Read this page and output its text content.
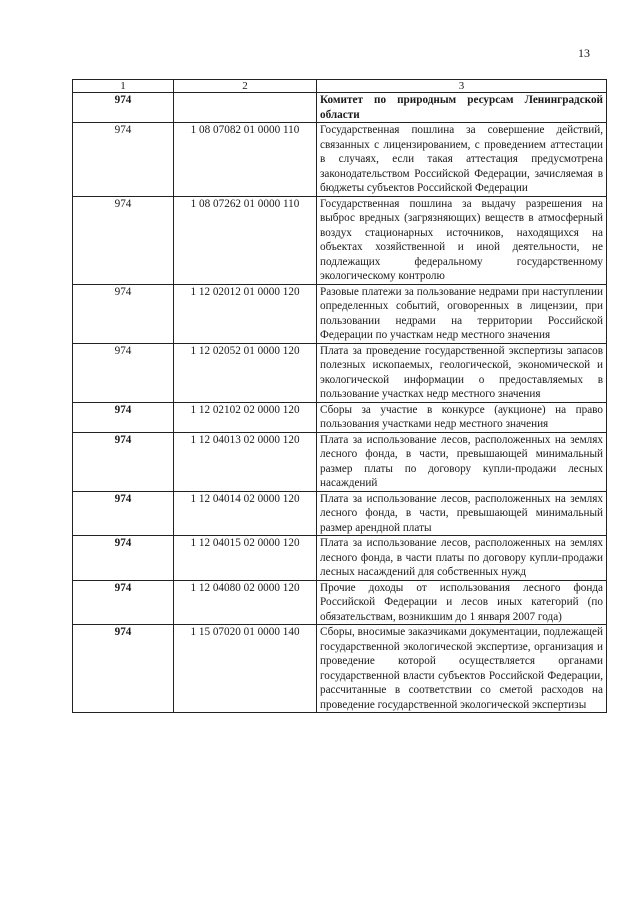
13
1	2	3
974		Комитет по природным ресурсам Ленинградской области
974	1 08 07082 01 0000 110	Государственная пошлина за совершение действий, связанных с лицензированием, с проведением аттестации в случаях, если такая аттестация предусмотрена законодательством Российской Федерации, зачисляемая в бюджеты субъектов Российской Федерации
974	1 08 07262 01 0000 110	Государственная пошлина за выдачу разрешения на выброс вредных (загрязняющих) веществ в атмосферный воздух стационарных источников, находящихся на объектах хозяйственной и иной деятельности, не подлежащих федеральному государственному экологическому контролю
974	1 12 02012 01 0000 120	Разовые платежи за пользование недрами при наступлении определенных событий, оговоренных в лицензии, при пользовании недрами на территории Российской Федерации по участкам недр местного значения
974	1 12 02052 01 0000 120	Плата за проведение государственной экспертизы запасов полезных ископаемых, геологической, экономической и экологической информации о предоставляемых в пользование участках недр местного значения
974	1 12 02102 02 0000 120	Сборы за участие в конкурсе (аукционе) на право пользования участками недр местного значения
974	1 12 04013 02 0000 120	Плата за использование лесов, расположенных на землях лесного фонда, в части, превышающей минимальный размер платы по договору купли-продажи лесных насаждений
974	1 12 04014 02 0000 120	Плата за использование лесов, расположенных на землях лесного фонда, в части, превышающей минимальный размер арендной платы
974	1 12 04015 02 0000 120	Плата за использование лесов, расположенных на землях лесного фонда, в части платы по договору купли-продажи лесных насаждений для собственных нужд
974	1 12 04080 02 0000 120	Прочие доходы от использования лесного фонда Российской Федерации и лесов иных категорий (по обязательствам, возникшим до 1 января 2007 года)
974	1 15 07020 01 0000 140	Сборы, вносимые заказчиками документации, подлежащей государственной экологической экспертизе, организация и проведение которой осуществляется органами государственной власти субъектов Российской Федерации, рассчитанные в соответствии со сметой расходов на проведение государственной экологической экспертизы
